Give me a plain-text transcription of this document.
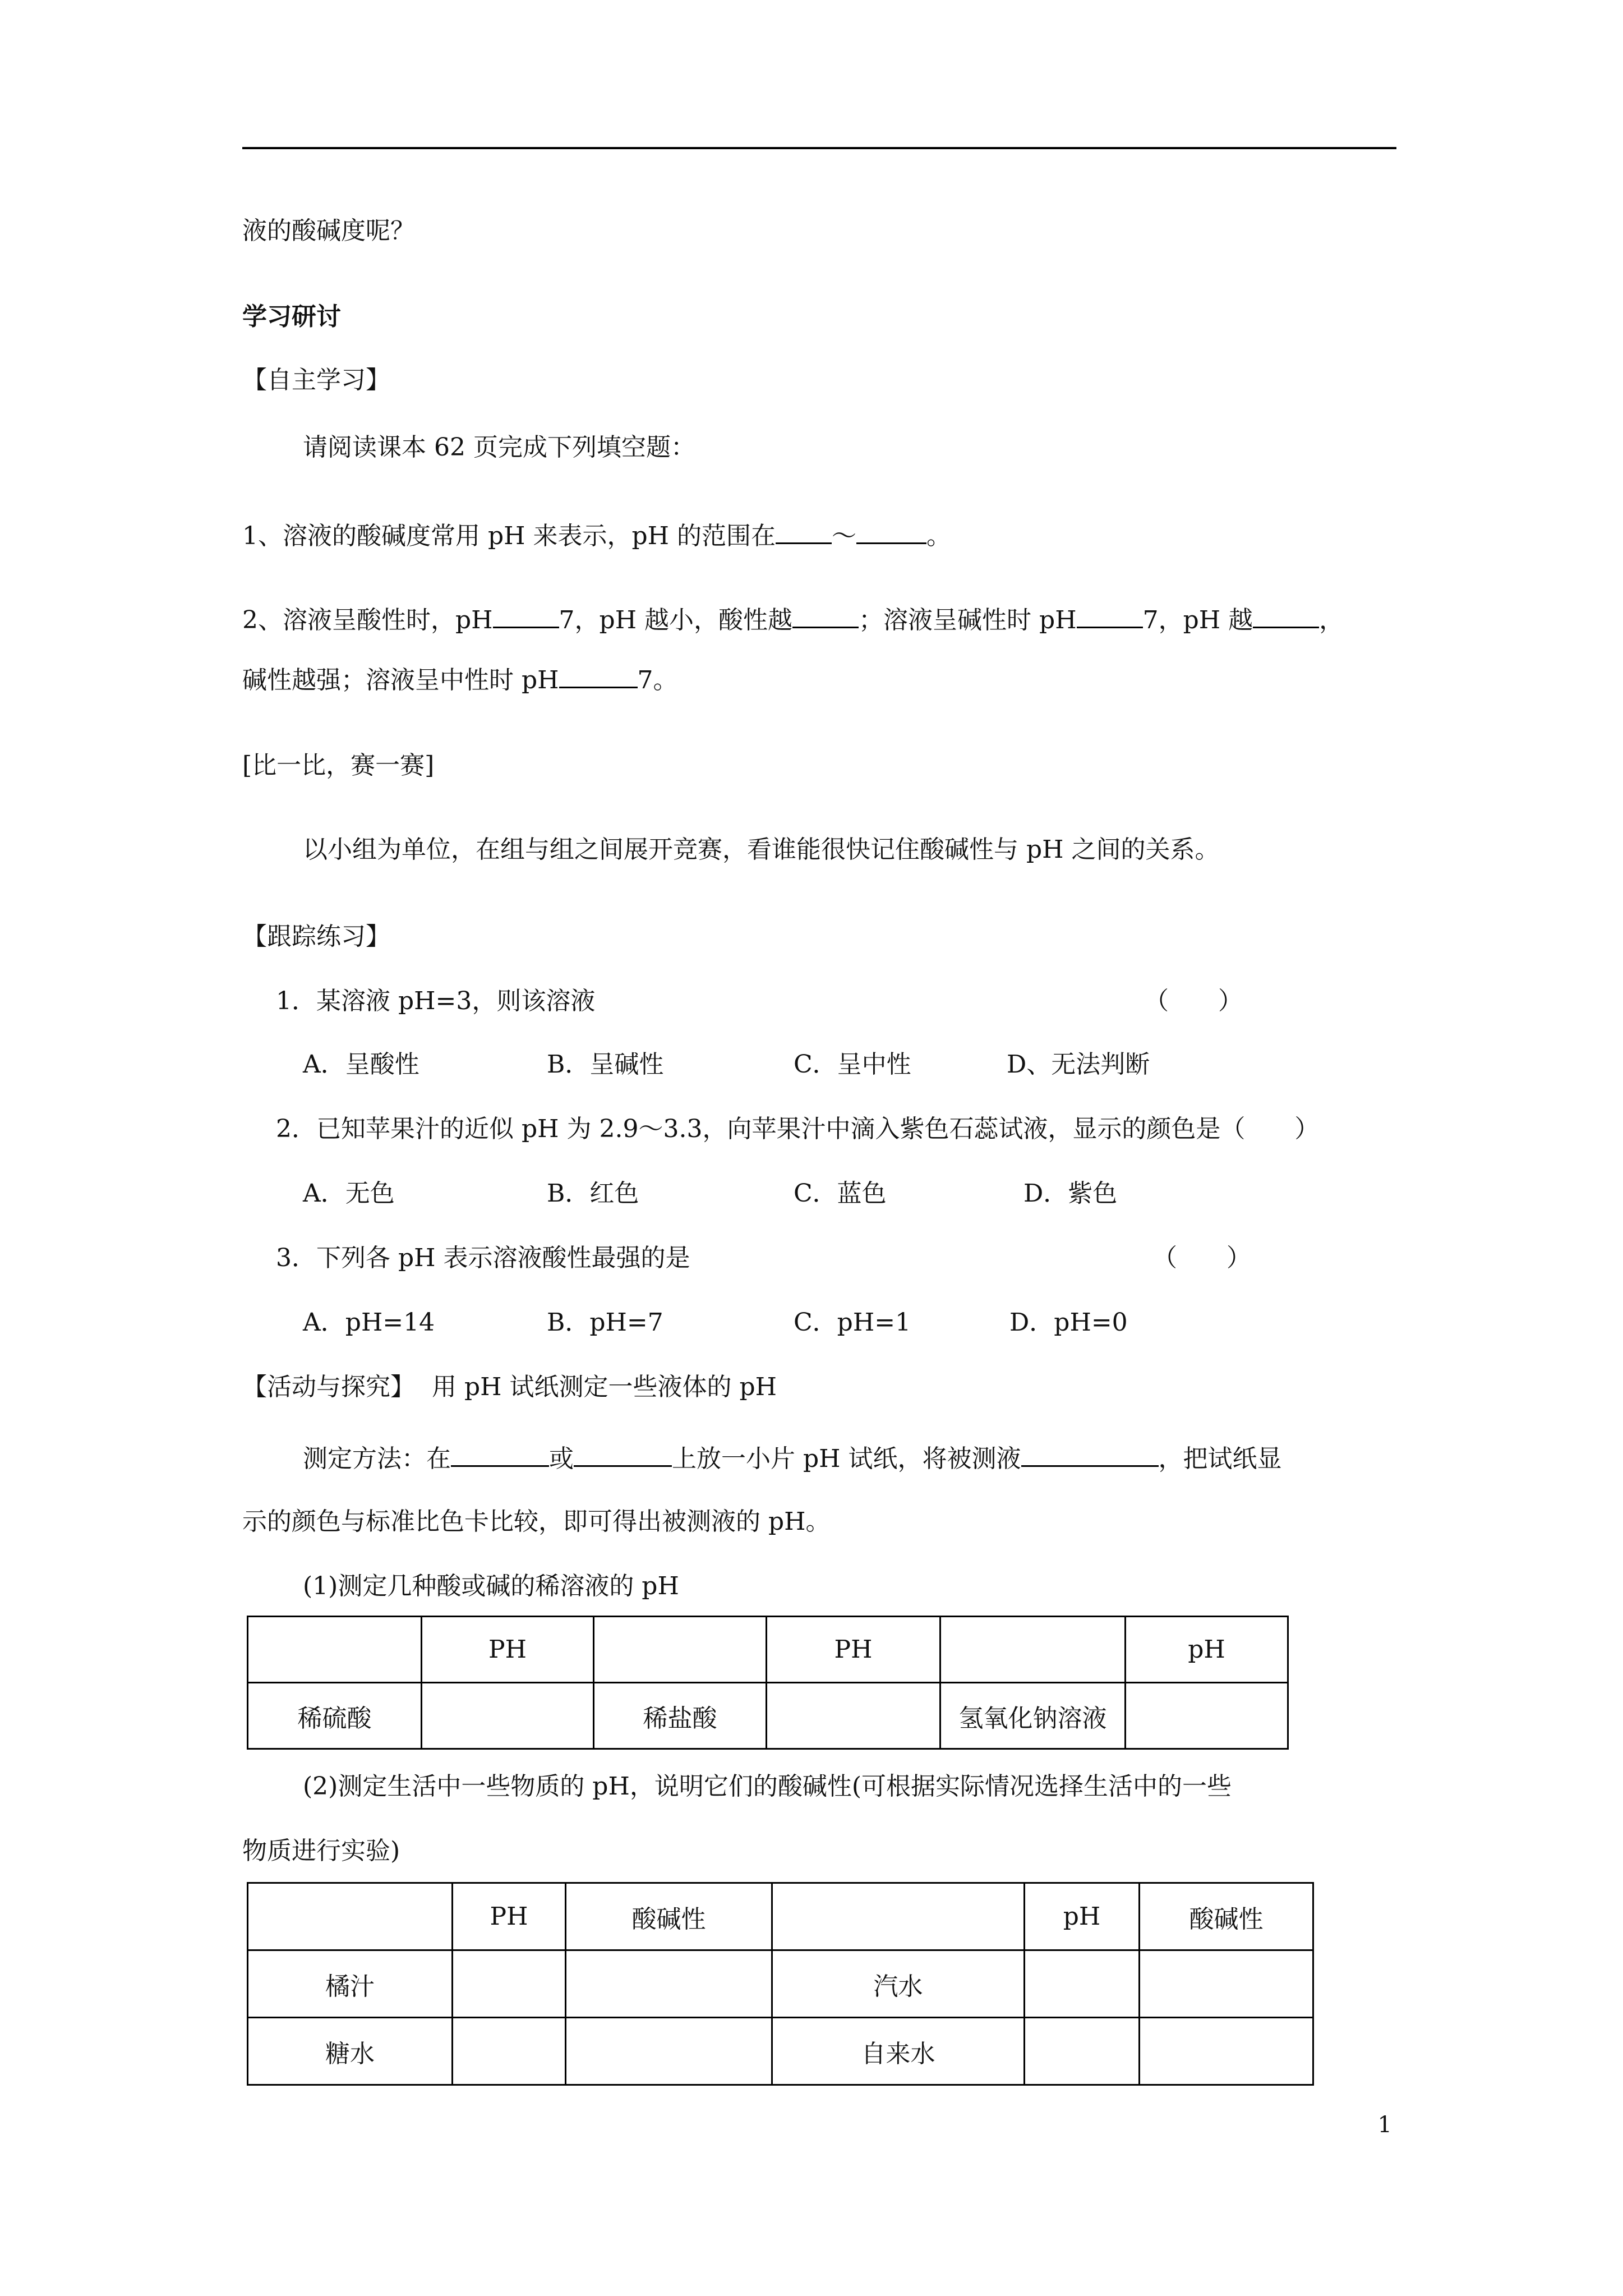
液的酸碱度呢？
学习研讨
【自主学习】
请阅读课本 62 页完成下列填空题：
1、溶液的酸碱度常用 pH 来表示，pH 的范围在 ～	。
2、溶液呈酸性时，pH	7，pH 越小，酸性越	；溶液呈碱性时 pH	7，pH 越	，
碱性越强；溶液呈中性时 pH	7。
[比一比，赛一赛]
以小组为单位，在组与组之间展开竞赛，看谁能很快记住酸碱性与 pH 之间的关系。
【跟踪练习】
1．某溶液 pH=3，则该溶液	（　　）
A．呈酸性	B．呈碱性	C．呈中性	D、无法判断
2．已知苹果汁的近似 pH 为 2.9～3.3，向苹果汁中滴入紫色石蕊试液，显示的颜色是（　　）
A．无色	B．红色	C．蓝色	D．紫色
3．下列各 pH 表示溶液酸性最强的是	（　　）
A．pH=14	B．pH=7	C．pH=1	D．pH=0
【活动与探究】 用 pH 试纸测定一些液体的 pH
测定方法：在	或	上放一小片 pH 试纸，将被测液	，把试纸显
示的颜色与标准比色卡比较，即可得出被测液的 pH。
(1)测定几种酸或碱的稀溶液的 pH
	PH		PH		pH
稀硫酸		稀盐酸		氢氧化钠溶液	
(2)测定生活中一些物质的 pH，说明它们的酸碱性(可根据实际情况选择生活中的一些
物质进行实验)
	PH	酸碱性		pH	酸碱性
橘汁			汽水		
糖水			自来水		
1
